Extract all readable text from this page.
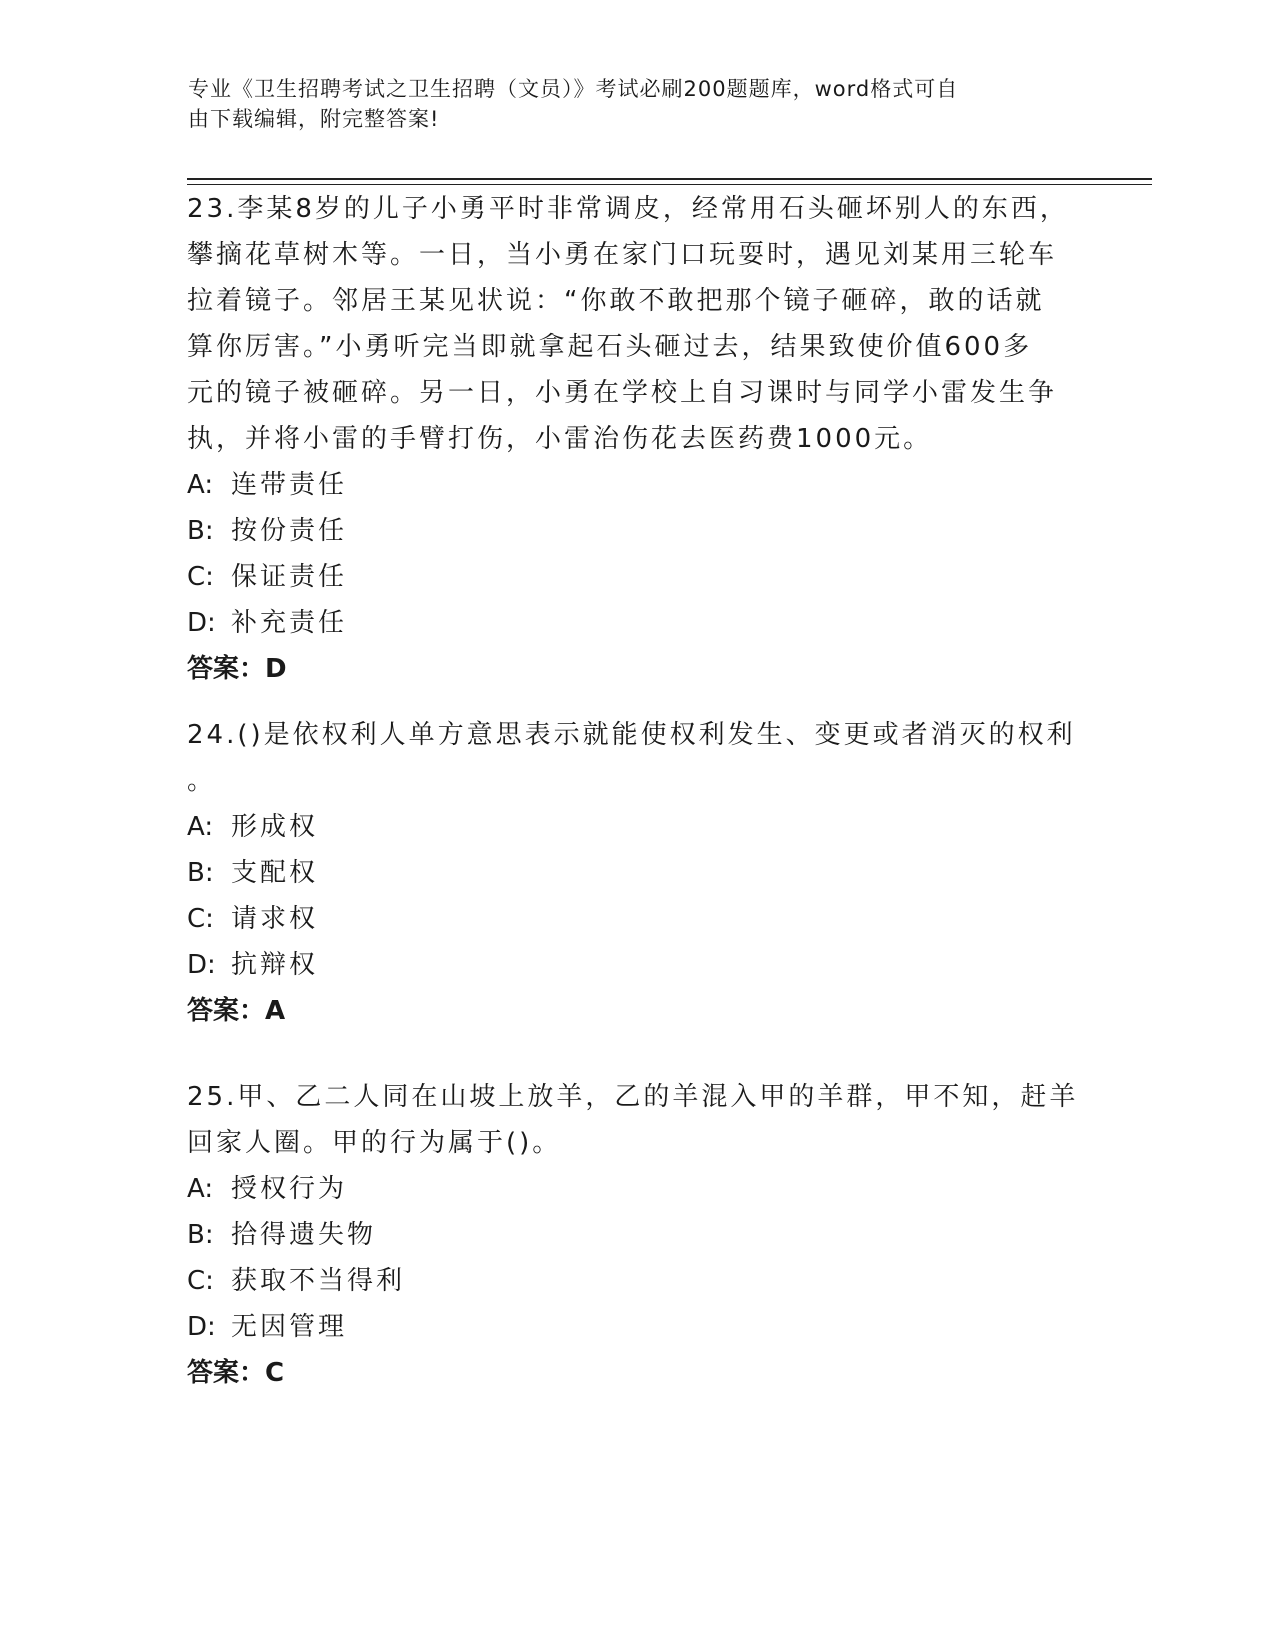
专业《卫生招聘考试之卫生招聘（文员）》考试必刷200题题库，word格式可自
由下载编辑，附完整答案!
23.李某8岁的儿子小勇平时非常调皮，经常用石头砸坏别人的东西，
攀摘花草树木等。一日，当小勇在家门口玩耍时，遇见刘某用三轮车
拉着镜子。邻居王某见状说：“你敢不敢把那个镜子砸碎，敢的话就
算你厉害。”小勇听完当即就拿起石头砸过去，结果致使价值600多
元的镜子被砸碎。另一日，小勇在学校上自习课时与同学小雷发生争
执，并将小雷的手臂打伤，小雷治伤花去医药费1000元。
A: 连带责任
B: 按份责任
C: 保证责任
D: 补充责任
答案：D
24.()是依权利人单方意思表示就能使权利发生、变更或者消灭的权利
。
A: 形成权
B: 支配权
C: 请求权
D: 抗辩权
答案：A
25.甲、乙二人同在山坡上放羊，乙的羊混入甲的羊群，甲不知，赶羊
回家人圈。甲的行为属于()。
A: 授权行为
B: 拾得遗失物
C: 获取不当得利
D: 无因管理
答案：C
